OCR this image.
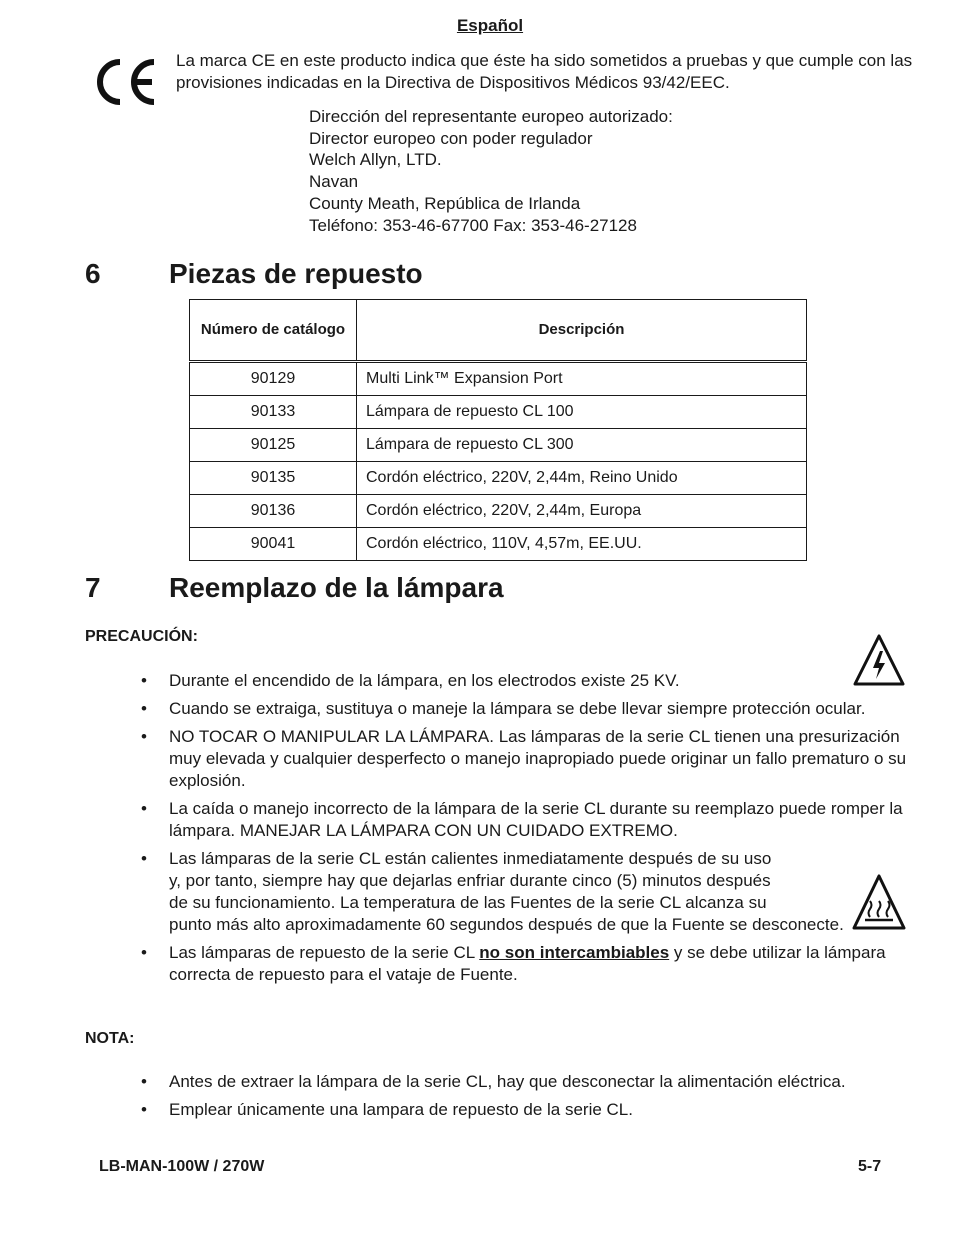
Español
La marca CE en este producto indica que éste ha sido sometidos a pruebas y que cumple con las provisiones indicadas en la Directiva de Dispositivos Médicos 93/42/EEC.
Dirección del representante europeo autorizado:
Director europeo con poder regulador
Welch Allyn, LTD.
Navan
County Meath, República de Irlanda
Teléfono: 353-46-67700 Fax: 353-46-27128
6 Piezas de repuesto
Número de catálogo	Descripción
90129	Multi Link™ Expansion Port
90133	Lámpara de repuesto CL 100
90125	Lámpara de repuesto CL 300
90135	Cordón eléctrico, 220V, 2,44m, Reino Unido
90136	Cordón eléctrico, 220V, 2,44m, Europa
90041	Cordón eléctrico, 110V, 4,57m, EE.UU.
7 Reemplazo de la lámpara
PRECAUCIÓN:
• Durante el encendido de la lámpara, en los electrodos existe 25 KV.
• Cuando se extraiga, sustituya o maneje la lámpara se debe llevar siempre protección ocular.
• NO TOCAR O MANIPULAR LA LÁMPARA. Las lámparas de la serie CL tienen una presurización muy elevada y cualquier desperfecto o manejo inapropiado puede originar un fallo prematuro o su explosión.
• La caída o manejo incorrecto de la lámpara de la serie CL durante su reemplazo puede romper la lámpara. MANEJAR LA LÁMPARA CON UN CUIDADO EXTREMO.
• Las lámparas de la serie CL están calientes inmediatamente después de su uso
y, por tanto, siempre hay que dejarlas enfriar durante cinco (5) minutos después
de su funcionamiento. La temperatura de las Fuentes de la serie CL alcanza su
punto más alto aproximadamente 60 segundos después de que la Fuente se desconecte.
• Las lámparas de repuesto de la serie CL no son intercambiables y se debe utilizar la lámpara correcta de repuesto para el vataje de Fuente.
NOTA:
• Antes de extraer la lámpara de la serie CL, hay que desconectar la alimentación eléctrica.
• Emplear únicamente una lampara de repuesto de la serie CL.
LB-MAN-100W / 270W	5-7
